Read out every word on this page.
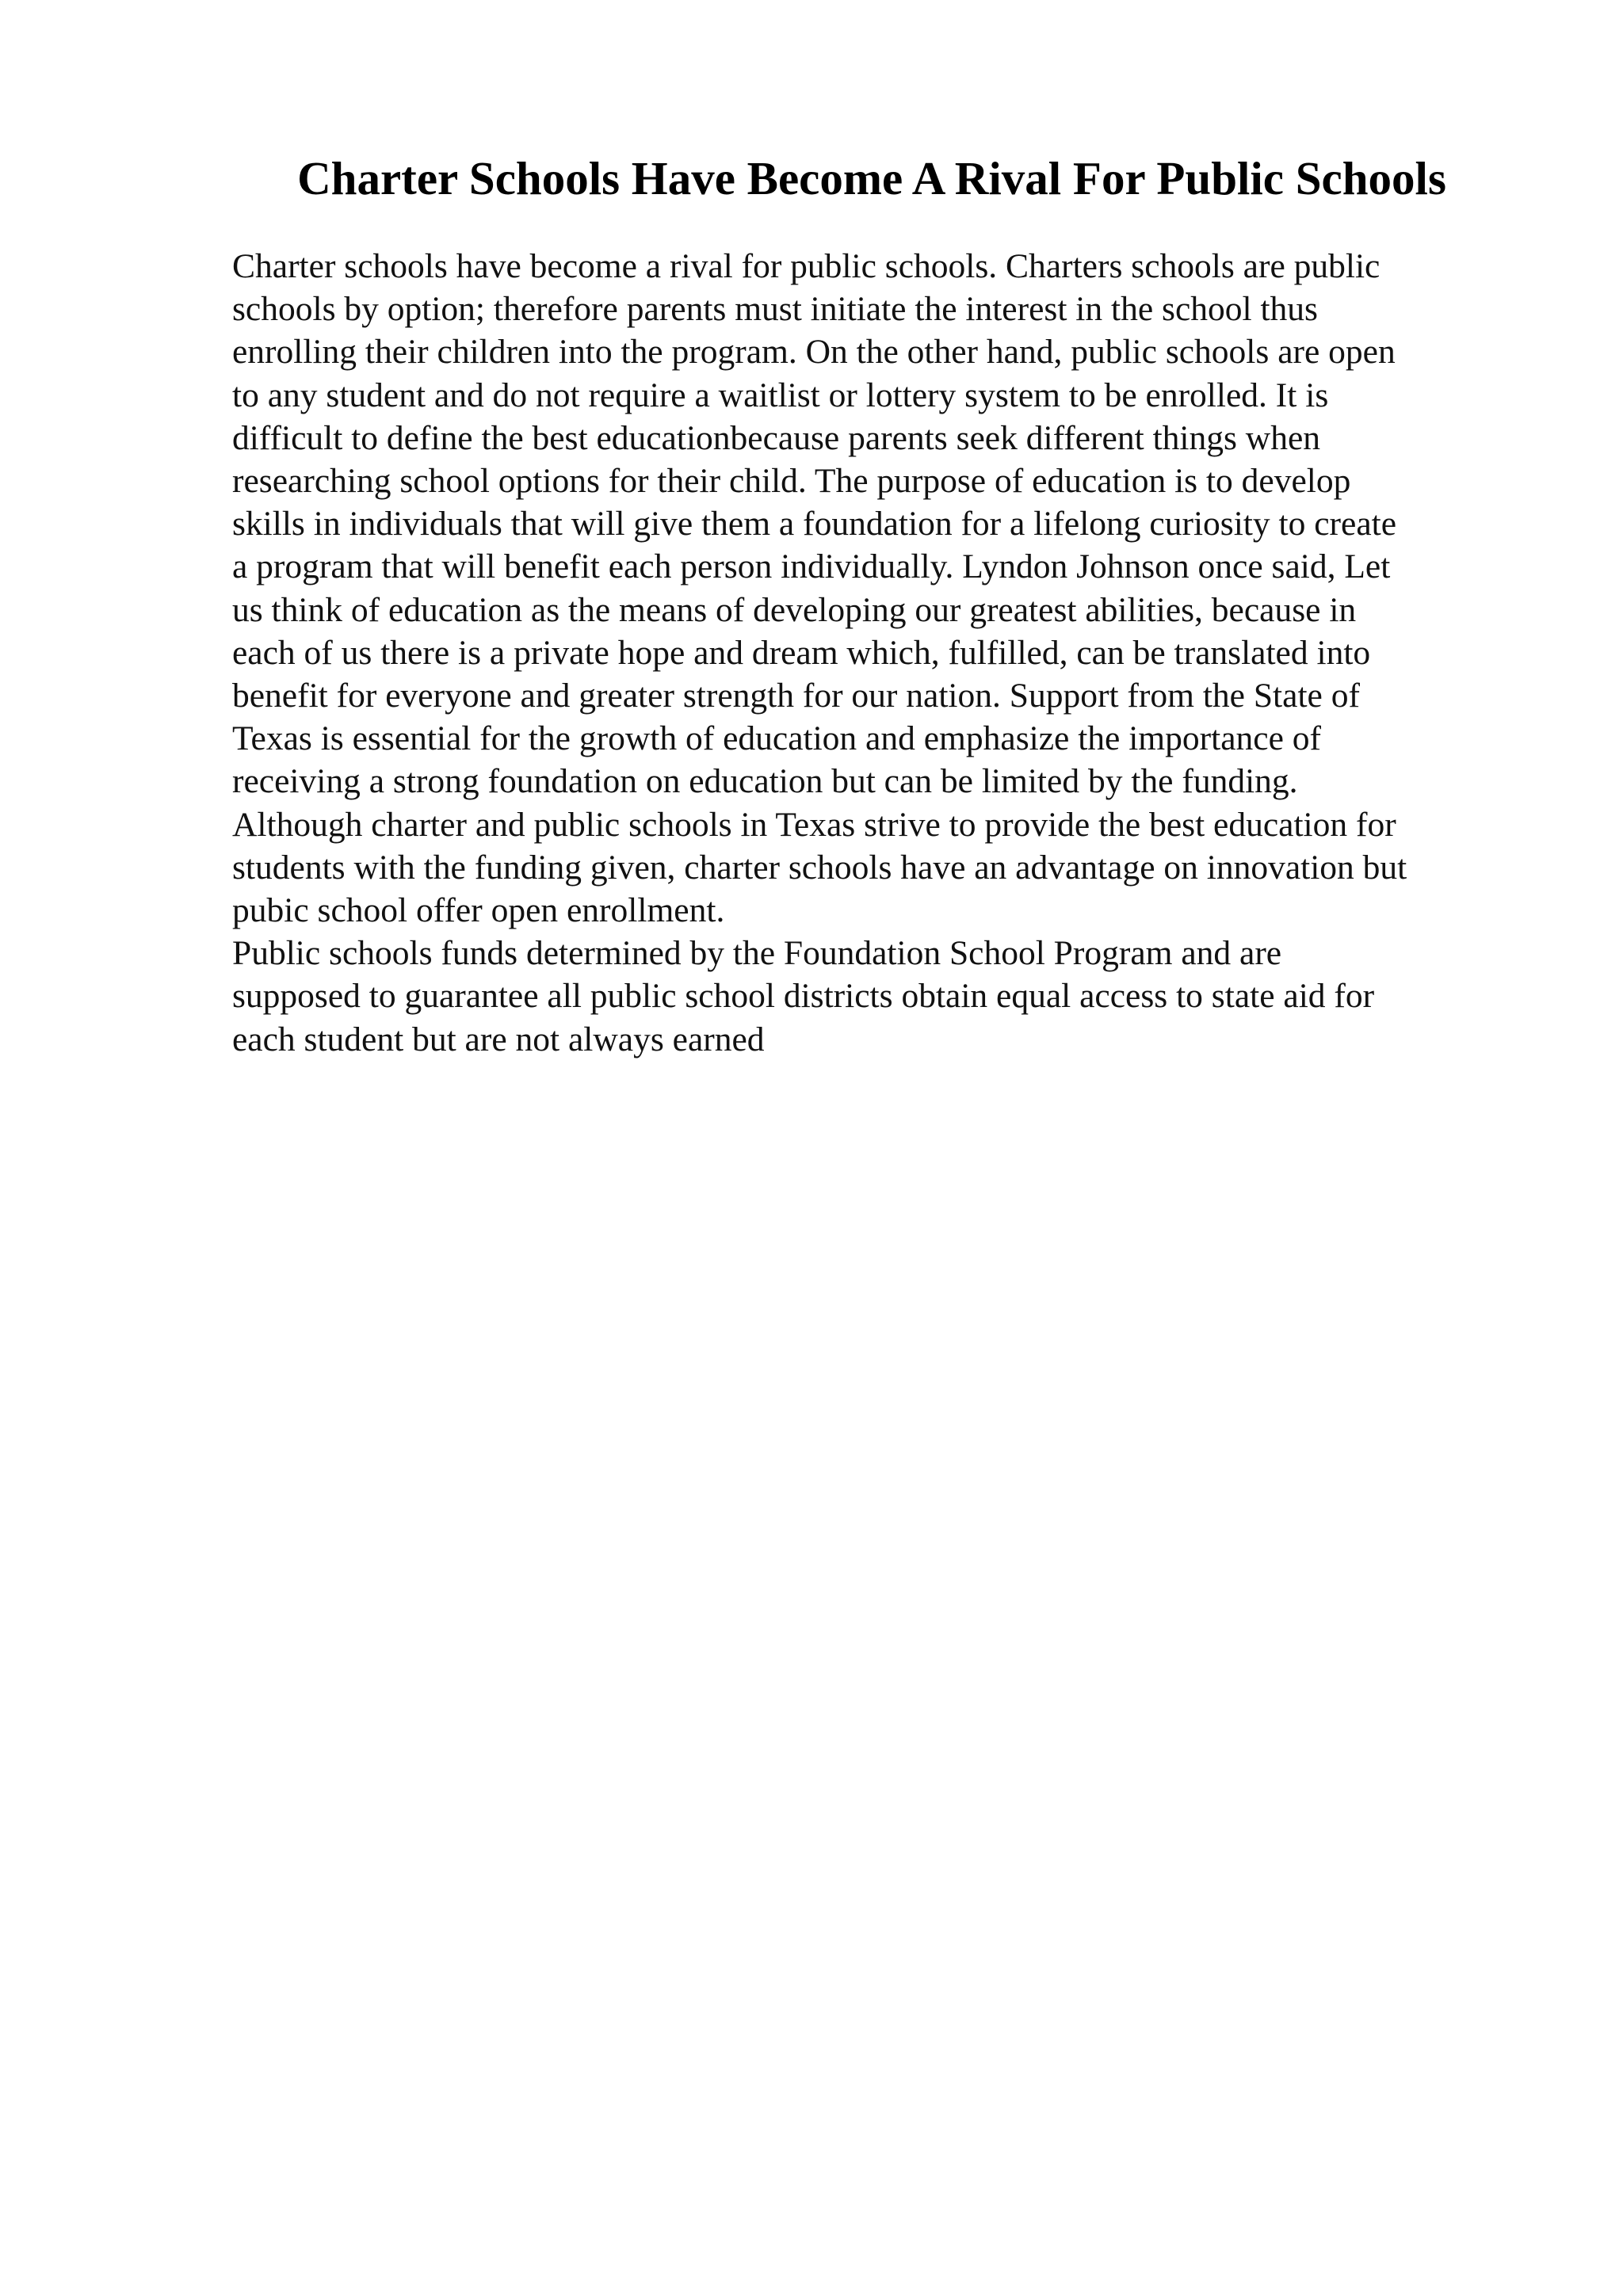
Charter Schools Have Become A Rival For Public Schools
Charter schools have become a rival for public schools. Charters schools are public
schools by option; therefore parents must initiate the interest in the school thus
enrolling their children into the program. On the other hand, public schools are open
to any student and do not require a waitlist or lottery system to be enrolled. It is
difficult to define the best educationbecause parents seek different things when
researching school options for their child. The purpose of education is to develop
skills in individuals that will give them a foundation for a lifelong curiosity to create
a program that will benefit each person individually. Lyndon Johnson once said, Let
us think of education as the means of developing our greatest abilities, because in
each of us there is a private hope and dream which, fulfilled, can be translated into
benefit for everyone and greater strength for our nation. Support from the State of
Texas is essential for the growth of education and emphasize the importance of
receiving a strong foundation on education but can be limited by the funding.
Although charter and public schools in Texas strive to provide the best education for
students with the funding given, charter schools have an advantage on innovation but
pubic school offer open enrollment.
Public schools funds determined by the Foundation School Program and are
supposed to guarantee all public school districts obtain equal access to state aid for
each student but are not always earned
